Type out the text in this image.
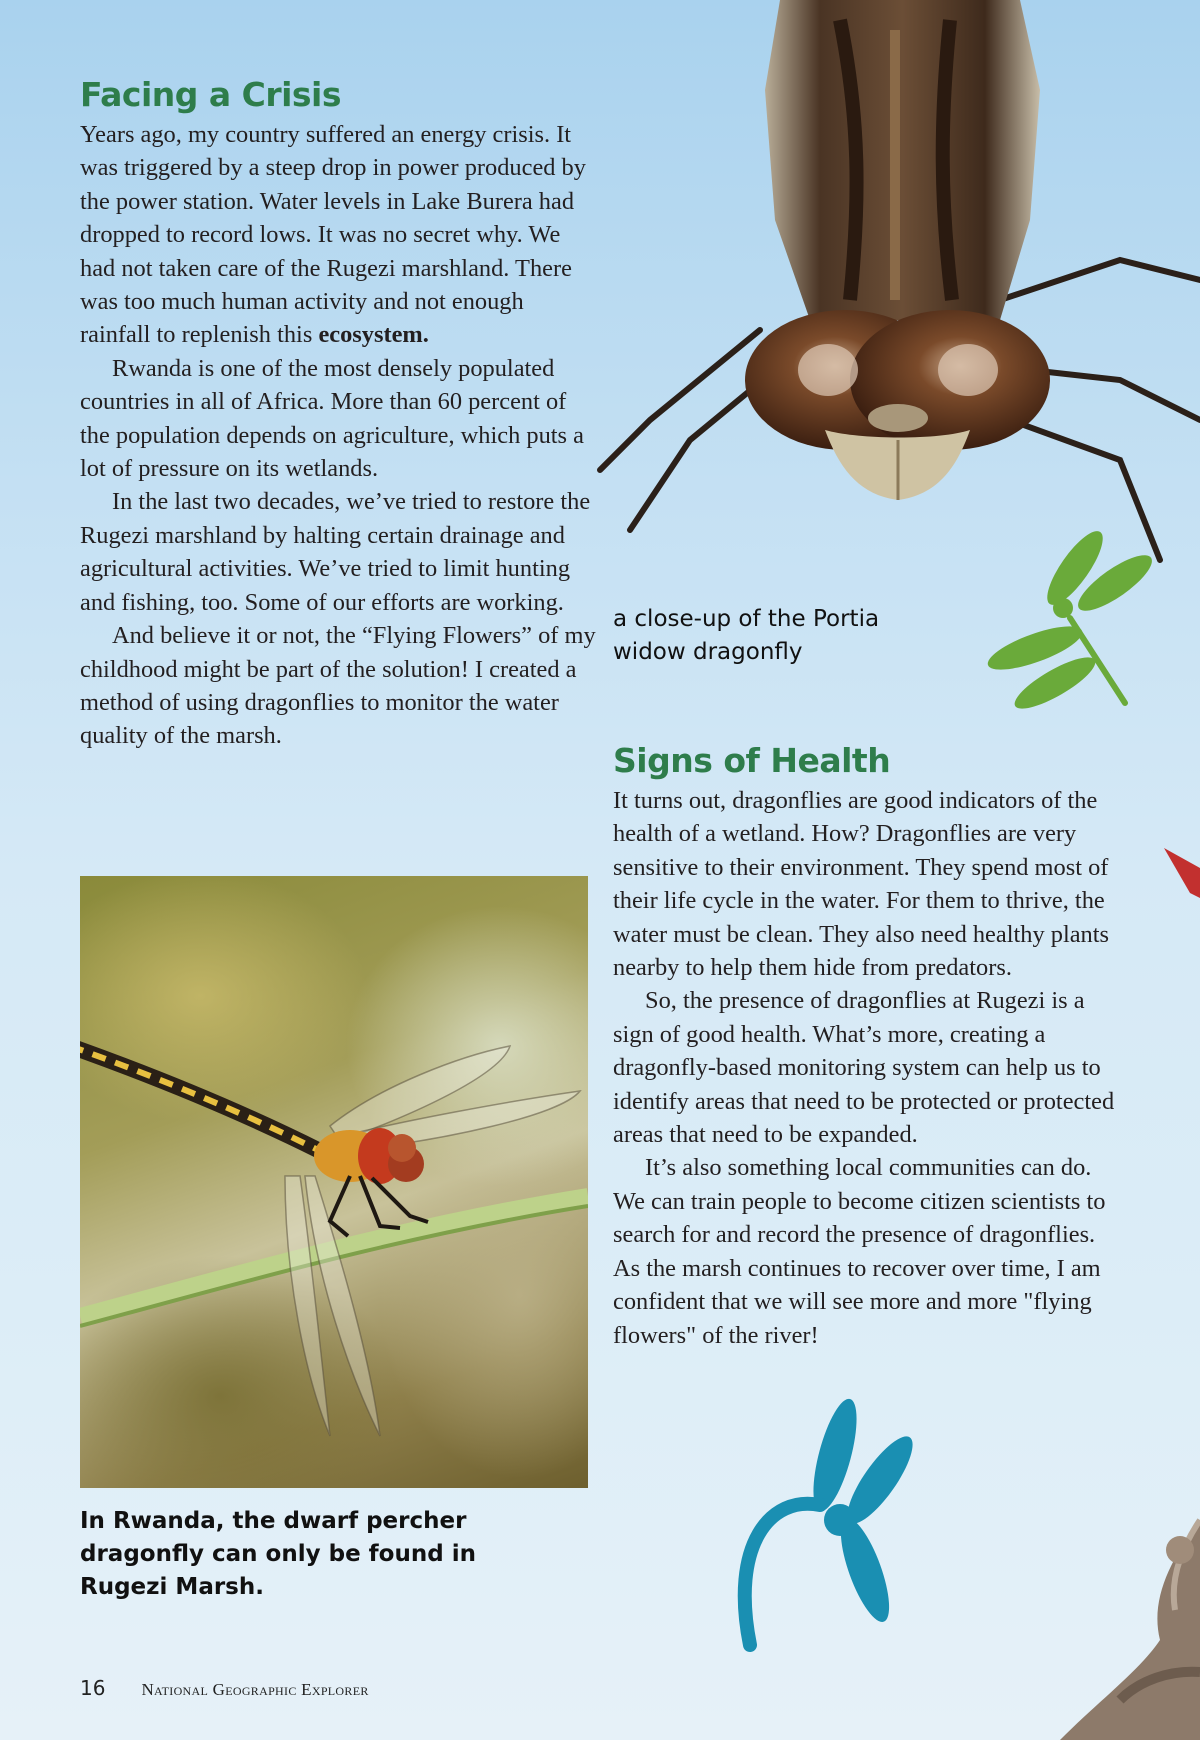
Facing a Crisis

Years ago, my country suffered an energy crisis. It was triggered by a steep drop in power produced by the power station. Water levels in Lake Burera had dropped to record lows. It was no secret why. We had not taken care of the Rugezi marshland. There was too much human activity and not enough rainfall to replenish this ecosystem.

Rwanda is one of the most densely populated countries in all of Africa. More than 60 percent of the population depends on agriculture, which puts a lot of pressure on its wetlands.

In the last two decades, we’ve tried to restore the Rugezi marshland by halting certain drainage and agricultural activities. We’ve tried to limit hunting and fishing, too. Some of our efforts are working.

And believe it or not, the “Flying Flowers” of my childhood might be part of the solution! I created a method of using dragonflies to monitor the water quality of the marsh.

a close-up of the Portia widow dragonfly
Signs of Health

It turns out, dragonflies are good indicators of the health of a wetland. How? Dragonflies are very sensitive to their environment. They spend most of their life cycle in the water. For them to thrive, the water must be clean. They also need healthy plants nearby to help them hide from predators.

So, the presence of dragonflies at Rugezi is a sign of good health. What’s more, creating a dragonfly-based monitoring system can help us to identify areas that need to be protected or protected areas that need to be expanded.

It’s also something local communities can do. We can train people to become citizen scientists to search for and record the presence of dragonflies. As the marsh continues to recover over time, I am confident that we will see more and more "flying flowers" of the river!

In Rwanda, the dwarf percher dragonfly can only be found in Rugezi Marsh.
16 National Geographic Explorer
